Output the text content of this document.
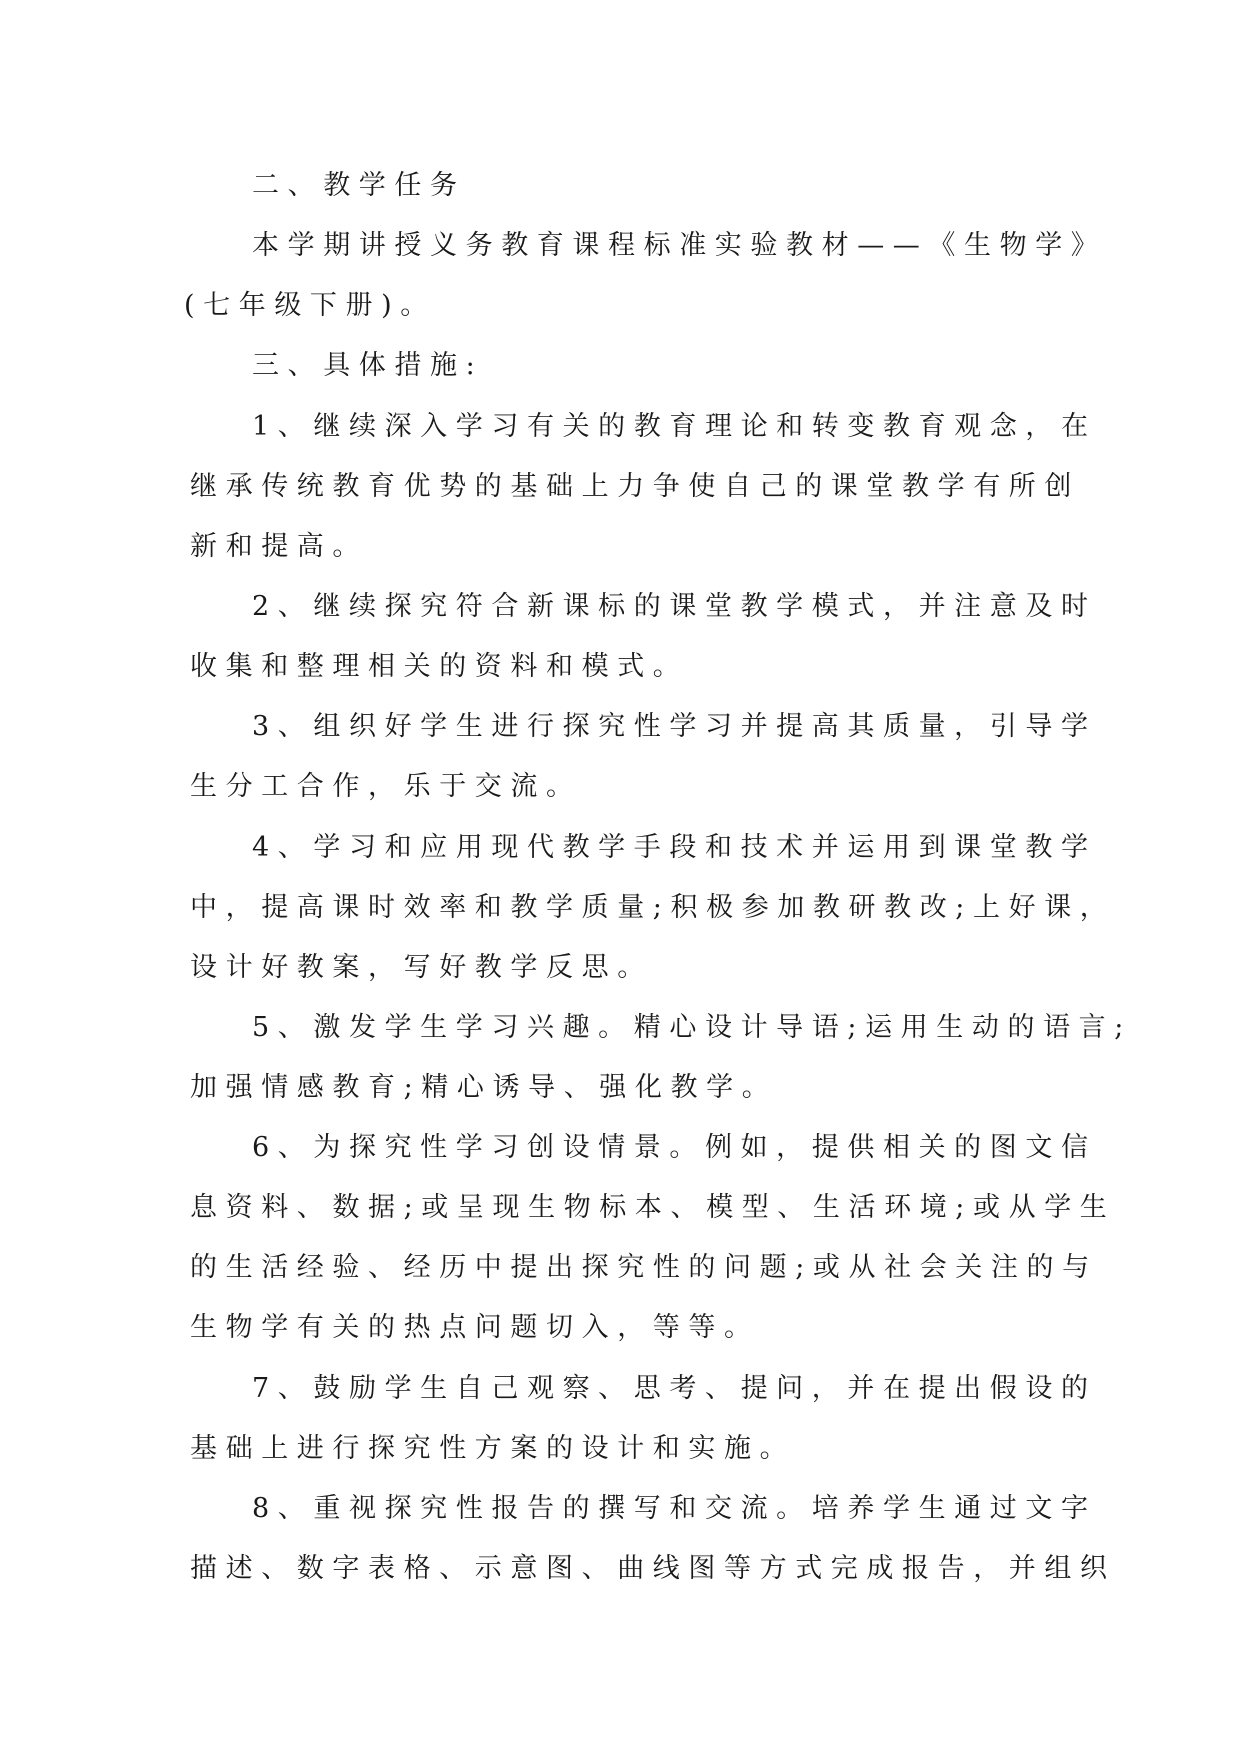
二、教学任务

本学期讲授义务教育课程标准实验教材——《生物学》

(七年级下册)。

三、具体措施:

1、继续深入学习有关的教育理论和转变教育观念，在

继承传统教育优势的基础上力争使自己的课堂教学有所创

新和提高。

2、继续探究符合新课标的课堂教学模式，并注意及时

收集和整理相关的资料和模式。

3、组织好学生进行探究性学习并提高其质量，引导学

生分工合作，乐于交流。

4、学习和应用现代教学手段和技术并运用到课堂教学

中，提高课时效率和教学质量;积极参加教研教改;上好课，

设计好教案，写好教学反思。

5、激发学生学习兴趣。精心设计导语;运用生动的语言;

加强情感教育;精心诱导、强化教学。

6、为探究性学习创设情景。例如，提供相关的图文信

息资料、数据;或呈现生物标本、模型、生活环境;或从学生

的生活经验、经历中提出探究性的问题;或从社会关注的与

生物学有关的热点问题切入，等等。

7、鼓励学生自己观察、思考、提问，并在提出假设的

基础上进行探究性方案的设计和实施。

8、重视探究性报告的撰写和交流。培养学生通过文字

描述、数字表格、示意图、曲线图等方式完成报告，并组织
